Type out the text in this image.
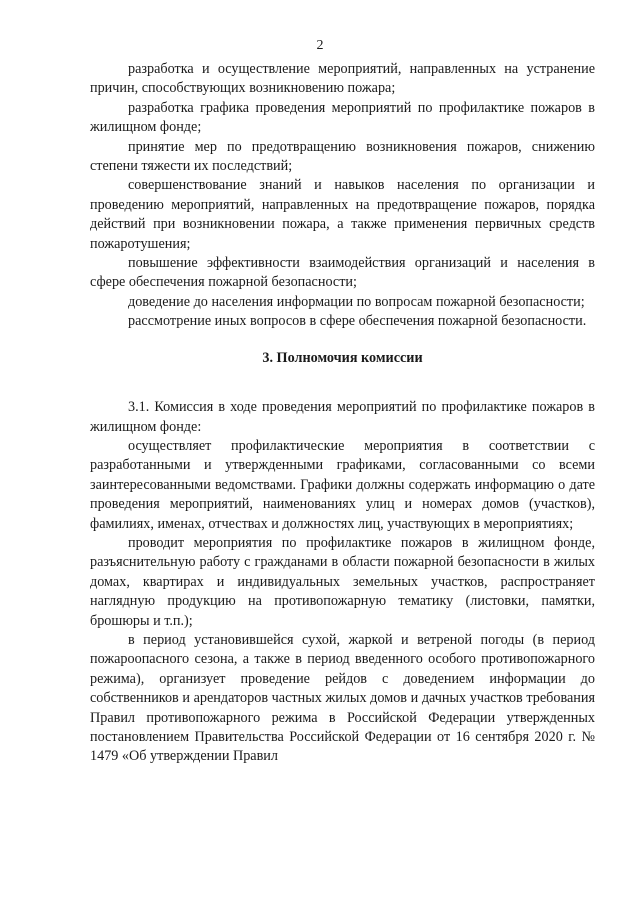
2

разработка и осуществление мероприятий, направленных на устранение причин, способствующих возникновению пожара;

разработка графика проведения мероприятий по профилактике пожаров в жилищном фонде;

принятие мер по предотвращению возникновения пожаров, снижению степени тяжести их последствий;

совершенствование знаний и навыков населения по организации и проведению мероприятий, направленных на предотвращение пожаров, порядка действий при возникновении пожара, а также применения первичных средств пожаротушения;

повышение эффективности взаимодействия организаций и населения в сфере обеспечения пожарной безопасности;

доведение до населения информации по вопросам пожарной безопасности;

рассмотрение иных вопросов в сфере обеспечения пожарной безопасности.

3. Полномочия комиссии

3.1. Комиссия в ходе проведения мероприятий по профилактике пожаров в жилищном фонде:

осуществляет профилактические мероприятия в соответствии с разработанными и утвержденными графиками, согласованными со всеми заинтересованными ведомствами. Графики должны содержать информацию о дате проведения мероприятий, наименованиях улиц и номерах домов (участков), фамилиях, именах, отчествах и должностях лиц, участвующих в мероприятиях;

проводит мероприятия по профилактике пожаров в жилищном фонде, разъяснительную работу с гражданами в области пожарной безопасности в жилых домах, квартирах и индивидуальных земельных участков, распространяет наглядную продукцию на противопожарную тематику (листовки, памятки, брошюры и т.п.);

в период установившейся сухой, жаркой и ветреной погоды (в период пожароопасного сезона, а также в период введенного особого противопожарного режима), организует проведение рейдов с доведением информации до собственников и арендаторов частных жилых домов и дачных участков требования Правил противопожарного режима в Российской Федерации утвержденных постановлением Правительства Российской Федерации от 16 сентября 2020 г. № 1479 «Об утверждении Правил
